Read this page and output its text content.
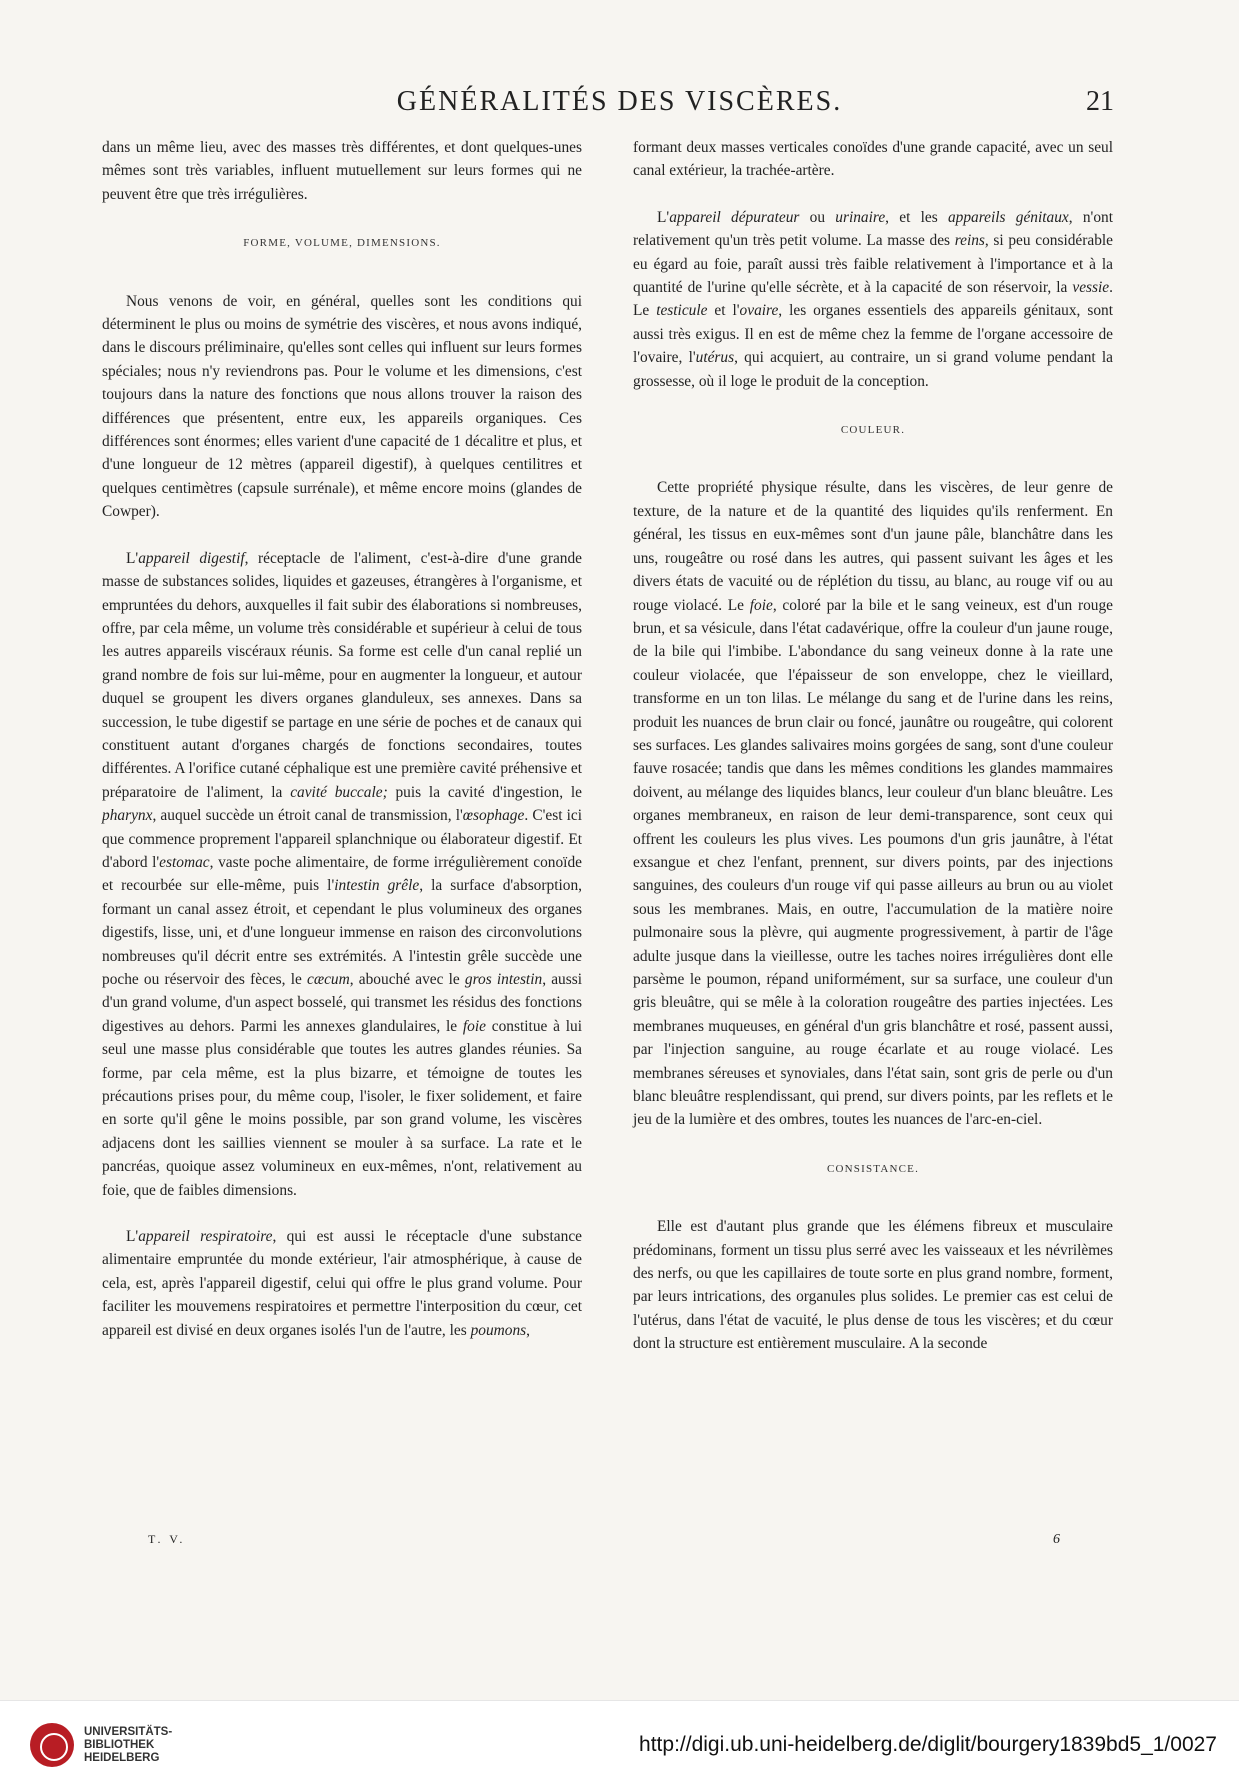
GÉNÉRALITÉS DES VISCÈRES.	21

dans un même lieu, avec des masses très différentes, et dont quelques-unes mêmes sont très variables, influent mutuellement sur leurs formes qui ne peuvent être que très irrégulières.

FORME, VOLUME, DIMENSIONS.

Nous venons de voir, en général, quelles sont les conditions qui déterminent le plus ou moins de symétrie des viscères, et nous avons indiqué, dans le discours préliminaire, qu'elles sont celles qui influent sur leurs formes spéciales; nous n'y reviendrons pas. Pour le volume et les dimensions, c'est toujours dans la nature des fonctions que nous allons trouver la raison des différences que présentent, entre eux, les appareils organiques. Ces différences sont énormes; elles varient d'une capacité de 1 décalitre et plus, et d'une longueur de 12 mètres (appareil digestif), à quelques centilitres et quelques centimètres (capsule surrénale), et même encore moins (glandes de Cowper).

L'appareil digestif, réceptacle de l'aliment, c'est-à-dire d'une grande masse de substances solides, liquides et gazeuses, étrangères à l'organisme, et empruntées du dehors, auxquelles il fait subir des élaborations si nombreuses, offre, par cela même, un volume très considérable et supérieur à celui de tous les autres appareils viscéraux réunis. Sa forme est celle d'un canal replié un grand nombre de fois sur lui-même, pour en augmenter la longueur, et autour duquel se groupent les divers organes glanduleux, ses annexes. Dans sa succession, le tube digestif se partage en une série de poches et de canaux qui constituent autant d'organes chargés de fonctions secondaires, toutes différentes. A l'orifice cutané céphalique est une première cavité préhensive et préparatoire de l'aliment, la cavité buccale; puis la cavité d'ingestion, le pharynx, auquel succède un étroit canal de transmission, l'œsophage. C'est ici que commence proprement l'appareil splanchnique ou élaborateur digestif. Et d'abord l'estomac, vaste poche alimentaire, de forme irrégulièrement conoïde et recourbée sur elle-même, puis l'intestin grêle, la surface d'absorption, formant un canal assez étroit, et cependant le plus volumineux des organes digestifs, lisse, uni, et d'une longueur immense en raison des circonvolutions nombreuses qu'il décrit entre ses extrémités. A l'intestin grêle succède une poche ou réservoir des fèces, le cæcum, abouché avec le gros intestin, aussi d'un grand volume, d'un aspect bosselé, qui transmet les résidus des fonctions digestives au dehors. Parmi les annexes glandulaires, le foie constitue à lui seul une masse plus considérable que toutes les autres glandes réunies. Sa forme, par cela même, est la plus bizarre, et témoigne de toutes les précautions prises pour, du même coup, l'isoler, le fixer solidement, et faire en sorte qu'il gêne le moins possible, par son grand volume, les viscères adjacens dont les saillies viennent se mouler à sa surface. La rate et le pancréas, quoique assez volumineux en eux-mêmes, n'ont, relativement au foie, que de faibles dimensions.

L'appareil respiratoire, qui est aussi le réceptacle d'une substance alimentaire empruntée du monde extérieur, l'air atmosphérique, à cause de cela, est, après l'appareil digestif, celui qui offre le plus grand volume. Pour faciliter les mouvemens respiratoires et permettre l'interposition du cœur, cet appareil est divisé en deux organes isolés l'un de l'autre, les poumons,

formant deux masses verticales conoïdes d'une grande capacité, avec un seul canal extérieur, la trachée-artère.

L'appareil dépurateur ou urinaire, et les appareils génitaux, n'ont relativement qu'un très petit volume. La masse des reins, si peu considérable eu égard au foie, paraît aussi très faible relativement à l'importance et à la quantité de l'urine qu'elle sécrète, et à la capacité de son réservoir, la vessie. Le testicule et l'ovaire, les organes essentiels des appareils génitaux, sont aussi très exigus. Il en est de même chez la femme de l'organe accessoire de l'ovaire, l'utérus, qui acquiert, au contraire, un si grand volume pendant la grossesse, où il loge le produit de la conception.

COULEUR.

Cette propriété physique résulte, dans les viscères, de leur genre de texture, de la nature et de la quantité des liquides qu'ils renferment. En général, les tissus en eux-mêmes sont d'un jaune pâle, blanchâtre dans les uns, rougeâtre ou rosé dans les autres, qui passent suivant les âges et les divers états de vacuité ou de réplétion du tissu, au blanc, au rouge vif ou au rouge violacé. Le foie, coloré par la bile et le sang veineux, est d'un rouge brun, et sa vésicule, dans l'état cadavérique, offre la couleur d'un jaune rouge, de la bile qui l'imbibe. L'abondance du sang veineux donne à la rate une couleur violacée, que l'épaisseur de son enveloppe, chez le vieillard, transforme en un ton lilas. Le mélange du sang et de l'urine dans les reins, produit les nuances de brun clair ou foncé, jaunâtre ou rougeâtre, qui colorent ses surfaces. Les glandes salivaires moins gorgées de sang, sont d'une couleur fauve rosacée; tandis que dans les mêmes conditions les glandes mammaires doivent, au mélange des liquides blancs, leur couleur d'un blanc bleuâtre. Les organes membraneux, en raison de leur demi-transparence, sont ceux qui offrent les couleurs les plus vives. Les poumons d'un gris jaunâtre, à l'état exsangue et chez l'enfant, prennent, sur divers points, par des injections sanguines, des couleurs d'un rouge vif qui passe ailleurs au brun ou au violet sous les membranes. Mais, en outre, l'accumulation de la matière noire pulmonaire sous la plèvre, qui augmente progressivement, à partir de l'âge adulte jusque dans la vieillesse, outre les taches noires irrégulières dont elle parsème le poumon, répand uniformément, sur sa surface, une couleur d'un gris bleuâtre, qui se mêle à la coloration rougeâtre des parties injectées. Les membranes muqueuses, en général d'un gris blanchâtre et rosé, passent aussi, par l'injection sanguine, au rouge écarlate et au rouge violacé. Les membranes séreuses et synoviales, dans l'état sain, sont gris de perle ou d'un blanc bleuâtre resplendissant, qui prend, sur divers points, par les reflets et le jeu de la lumière et des ombres, toutes les nuances de l'arc-en-ciel.

CONSISTANCE.

Elle est d'autant plus grande que les élémens fibreux et musculaire prédominans, forment un tissu plus serré avec les vaisseaux et les névrilèmes des nerfs, ou que les capillaires de toute sorte en plus grand nombre, forment, par leurs intrications, des organules plus solides. Le premier cas est celui de l'utérus, dans l'état de vacuité, le plus dense de tous les viscères; et du cœur dont la structure est entièrement musculaire. A la seconde

T. V.	6
UNIVERSITÄTS-
BIBLIOTHEK
HEIDELBERG
http://digi.ub.uni-heidelberg.de/diglit/bourgery1839bd5_1/0027
